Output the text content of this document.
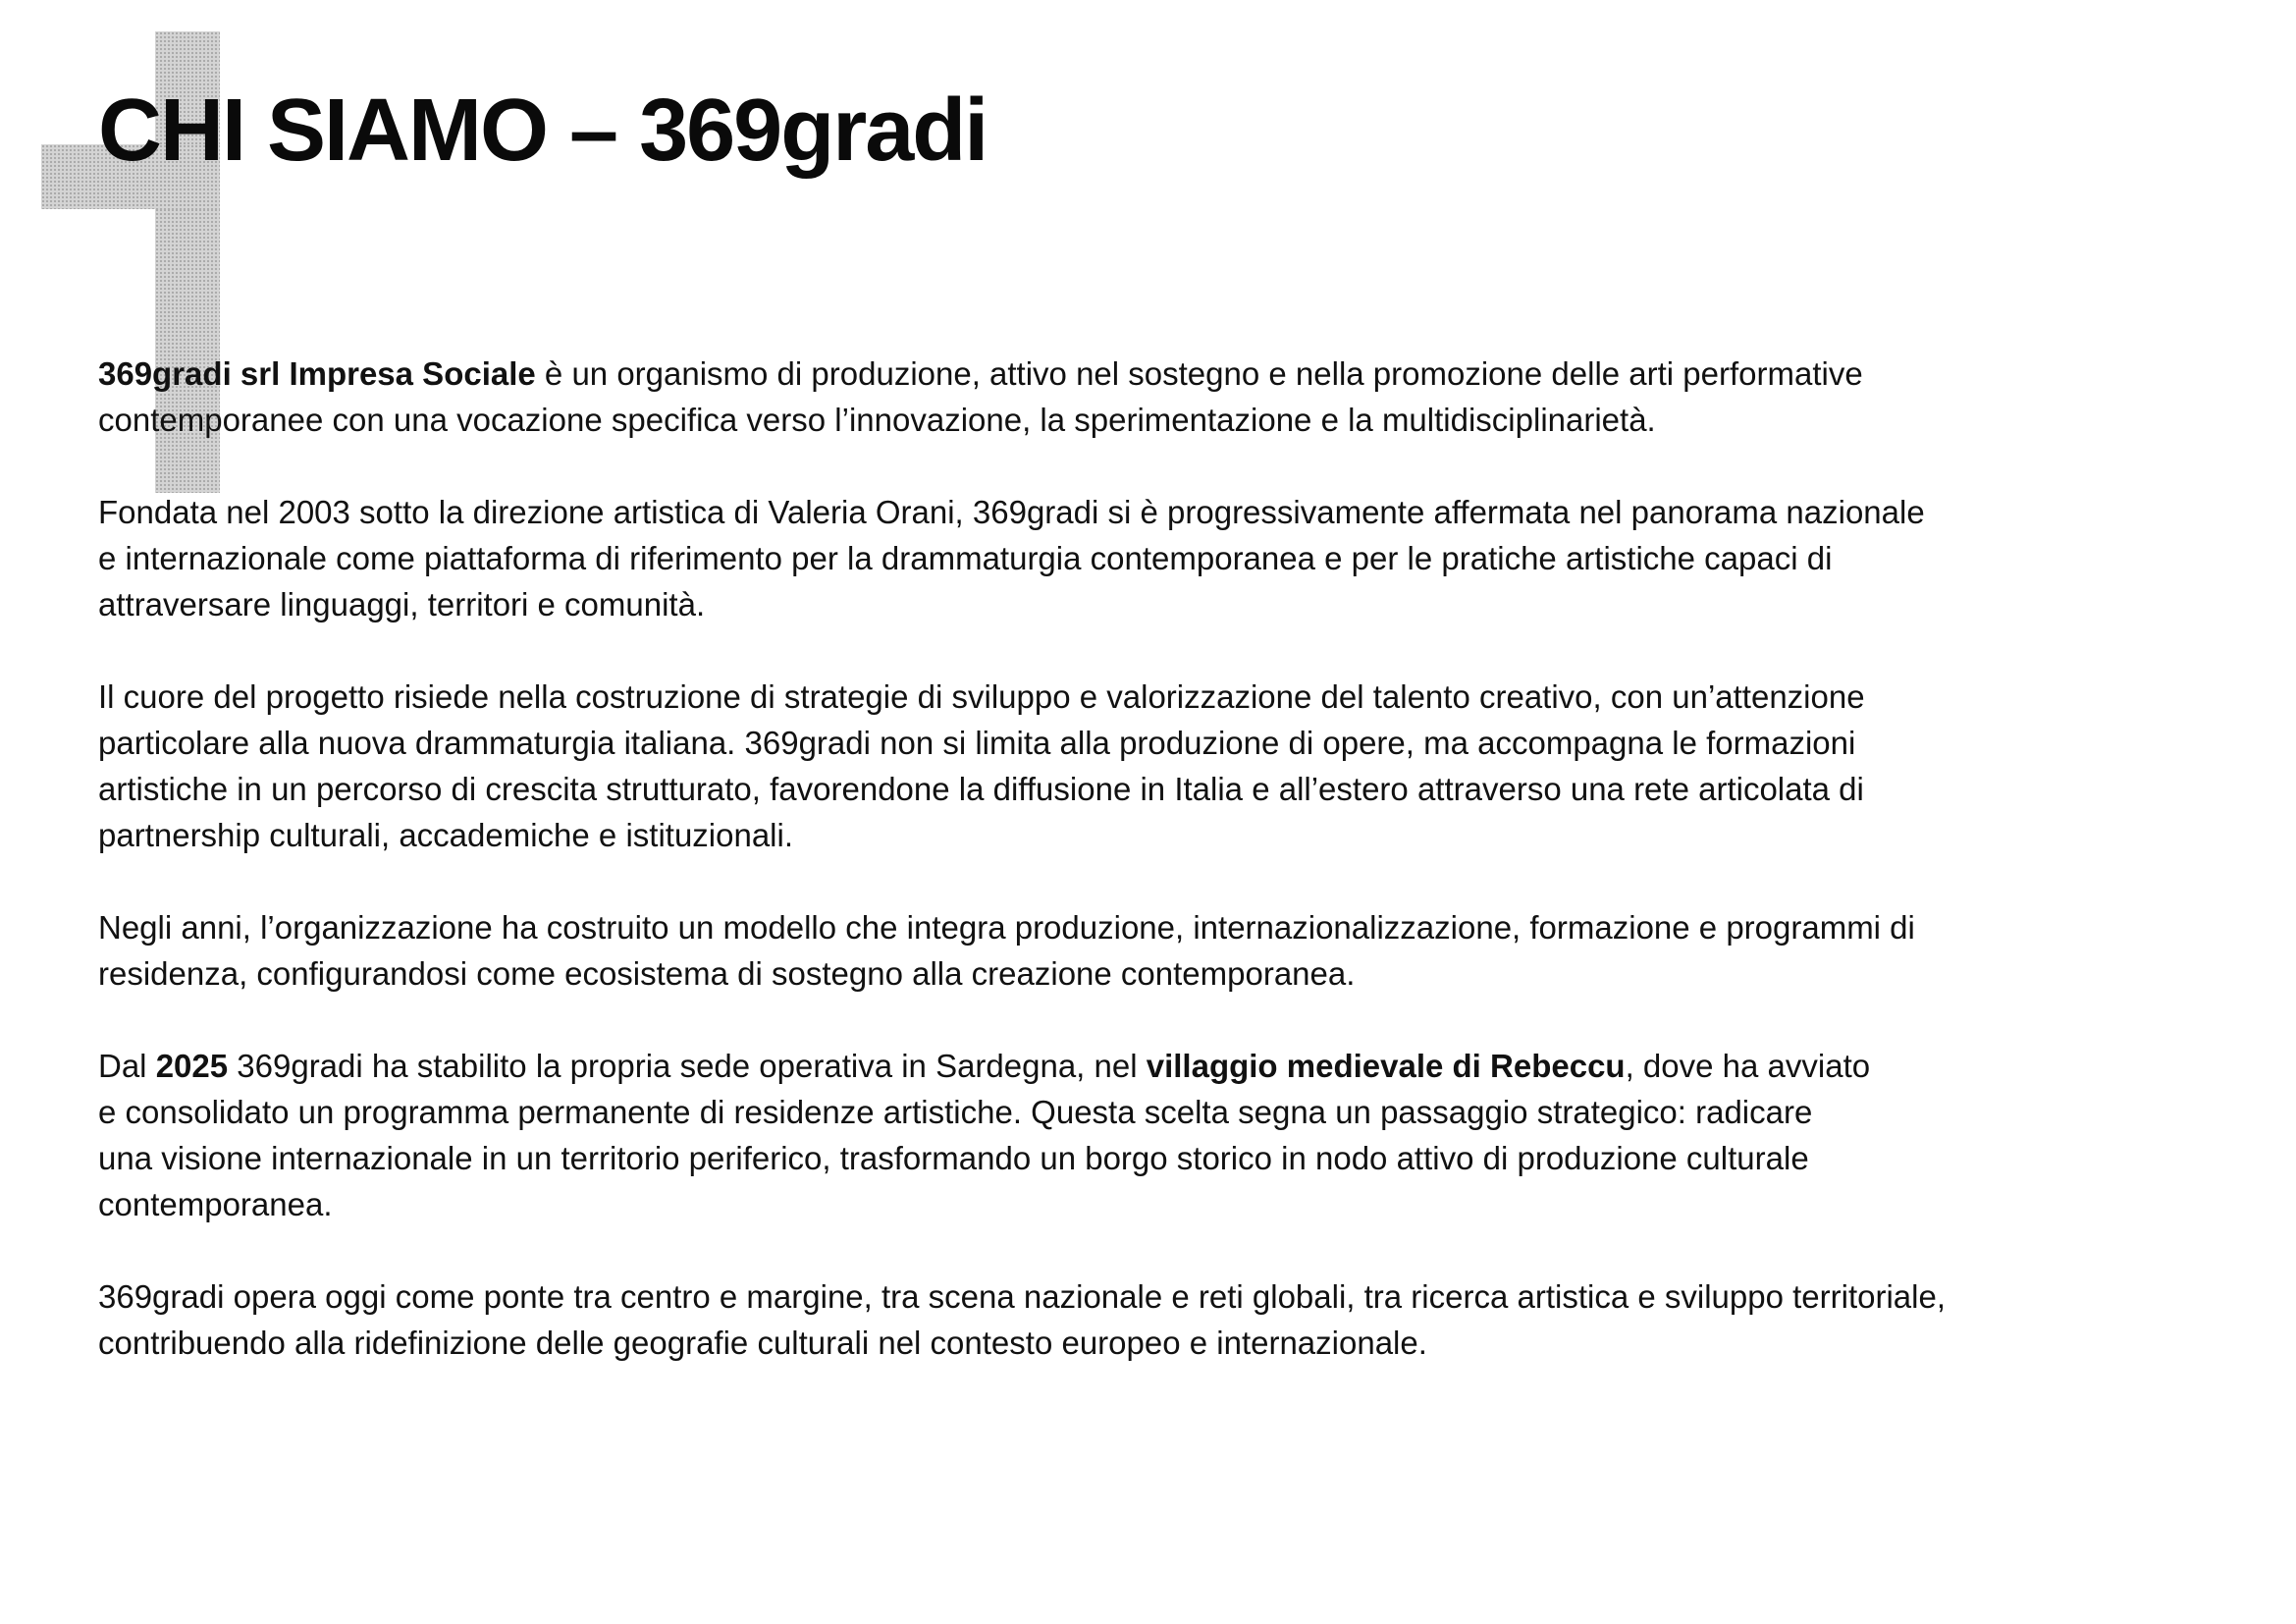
CHI SIAMO – 369gradi

369gradi srl Impresa Sociale è un organismo di produzione, attivo nel sostegno e nella promozione delle arti performative
contemporanee con una vocazione specifica verso l’innovazione, la sperimentazione e la multidisciplinarietà.

Fondata nel 2003 sotto la direzione artistica di Valeria Orani, 369gradi si è progressivamente affermata nel panorama nazionale
e internazionale come piattaforma di riferimento per la drammaturgia contemporanea e per le pratiche artistiche capaci di
attraversare linguaggi, territori e comunità.

Il cuore del progetto risiede nella costruzione di strategie di sviluppo e valorizzazione del talento creativo, con un’attenzione
particolare alla nuova drammaturgia italiana. 369gradi non si limita alla produzione di opere, ma accompagna le formazioni
artistiche in un percorso di crescita strutturato, favorendone la diffusione in Italia e all’estero attraverso una rete articolata di
partnership culturali, accademiche e istituzionali.

Negli anni, l’organizzazione ha costruito un modello che integra produzione, internazionalizzazione, formazione e programmi di
residenza, configurandosi come ecosistema di sostegno alla creazione contemporanea.

Dal 2025 369gradi ha stabilito la propria sede operativa in Sardegna, nel villaggio medievale di Rebeccu, dove ha avviato
e consolidato un programma permanente di residenze artistiche. Questa scelta segna un passaggio strategico: radicare
una visione internazionale in un territorio periferico, trasformando un borgo storico in nodo attivo di produzione culturale
contemporanea.

369gradi opera oggi come ponte tra centro e margine, tra scena nazionale e reti globali, tra ricerca artistica e sviluppo territoriale,
contribuendo alla ridefinizione delle geografie culturali nel contesto europeo e internazionale.
